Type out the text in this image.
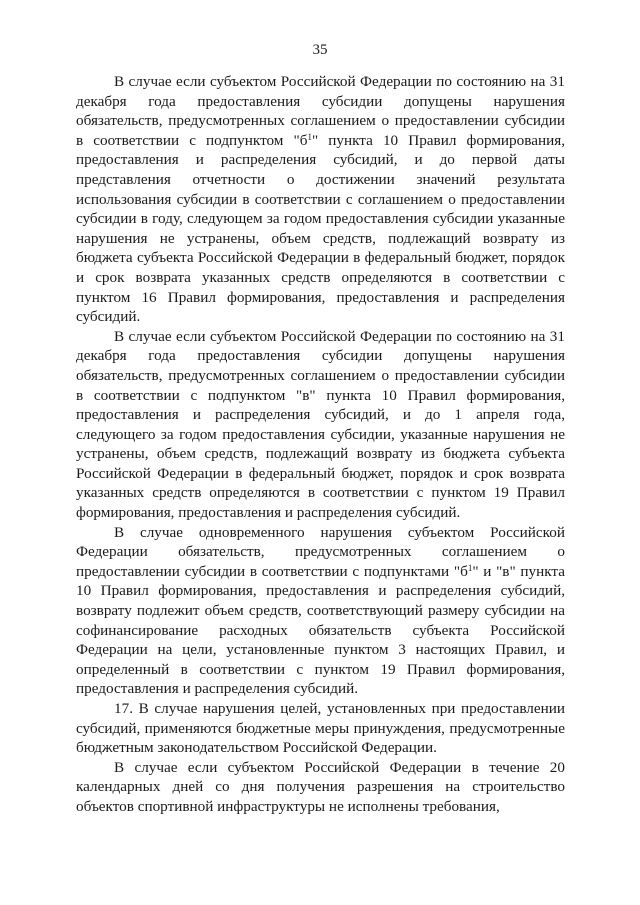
35

В случае если субъектом Российской Федерации по состоянию на 31 декабря года предоставления субсидии допущены нарушения обязательств, предусмотренных соглашением о предоставлении субсидии в соответствии с подпунктом "$б^1$" пункта 10 Правил формирования, предоставления и распределения субсидий, и до первой даты представления отчетности о достижении значений результата использования субсидии в соответствии с соглашением о предоставлении субсидии в году, следующем за годом предоставления субсидии указанные нарушения не устранены, объем средств, подлежащий возврату из бюджета субъекта Российской Федерации в федеральный бюджет, порядок и срок возврата указанных средств определяются в соответствии с пунктом 16 Правил формирования, предоставления и распределения субсидий.

В случае если субъектом Российской Федерации по состоянию на 31 декабря года предоставления субсидии допущены нарушения обязательств, предусмотренных соглашением о предоставлении субсидии в соответствии с подпунктом "в" пункта 10 Правил формирования, предоставления и распределения субсидий, и до 1 апреля года, следующего за годом предоставления субсидии, указанные нарушения не устранены, объем средств, подлежащий возврату из бюджета субъекта Российской Федерации в федеральный бюджет, порядок и срок возврата указанных средств определяются в соответствии с пунктом 19 Правил формирования, предоставления и распределения субсидий.

В случае одновременного нарушения субъектом Российской Федерации обязательств, предусмотренных соглашением о предоставлении субсидии в соответствии с подпунктами "$б^1$" и "в" пункта 10 Правил формирования, предоставления и распределения субсидий, возврату подлежит объем средств, соответствующий размеру субсидии на софинансирование расходных обязательств субъекта Российской Федерации на цели, установленные пунктом 3 настоящих Правил, и определенный в соответствии с пунктом 19 Правил формирования, предоставления и распределения субсидий.

17. В случае нарушения целей, установленных при предоставлении субсидий, применяются бюджетные меры принуждения, предусмотренные бюджетным законодательством Российской Федерации.

В случае если субъектом Российской Федерации в течение 20 календарных дней со дня получения разрешения на строительство объектов спортивной инфраструктуры не исполнены требования,
